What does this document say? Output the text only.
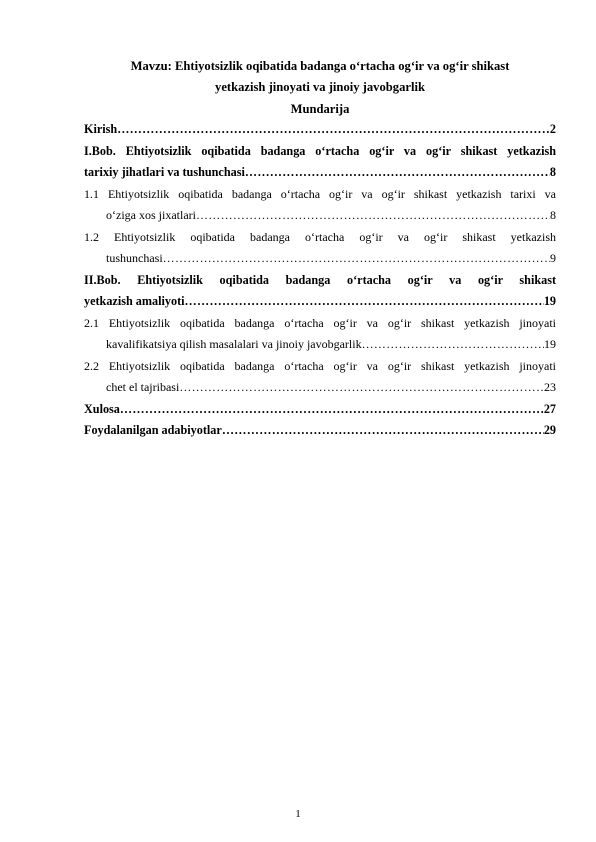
Mavzu: Ehtiyotsizlik oqibatida badanga oʻrtacha ogʻir va ogʻir shikast

yetkazish jinoyati va jinoiy javobgarlik

Mundarija

Kirish …………………………………………………………………………………………………………………………………………………	2
I.Bob. Ehtiyotsizlik oqibatida badanga oʻrtacha ogʻir va ogʻir shikast yetkazish
tarixiy jihatlari va tushunchasi …………………………………………………………………………………………………………………………………………………	8
1.1 Ehtiyotsizlik oqibatida badanga oʻrtacha ogʻir va ogʻir shikast yetkazish tarixi va
oʻziga xos jixatlari …………………………………………………………………………………………………………………………………………………	8
1.2 Ehtiyotsizlik oqibatida badanga oʻrtacha ogʻir va ogʻir shikast yetkazish
tushunchasi …………………………………………………………………………………………………………………………………………………	9
II.Bob. Ehtiyotsizlik oqibatida badanga oʻrtacha ogʻir va ogʻir shikast
yetkazish amaliyoti …………………………………………………………………………………………………………………………………………………	19
2.1 Ehtiyotsizlik oqibatida badanga oʻrtacha ogʻir va ogʻir shikast yetkazish jinoyati
kavalifikatsiya qilish masalalari va jinoiy javobgarlik …………………………………………………………………………………………………………………………………………………	19
2.2 Ehtiyotsizlik oqibatida badanga oʻrtacha ogʻir va ogʻir shikast yetkazish jinoyati
chet el tajribasi …………………………………………………………………………………………………………………………………………………	23
Xulosa …………………………………………………………………………………………………………………………………………………	27
Foydalanilgan adabiyotlar …………………………………………………………………………………………………………………………………………………	29
1
